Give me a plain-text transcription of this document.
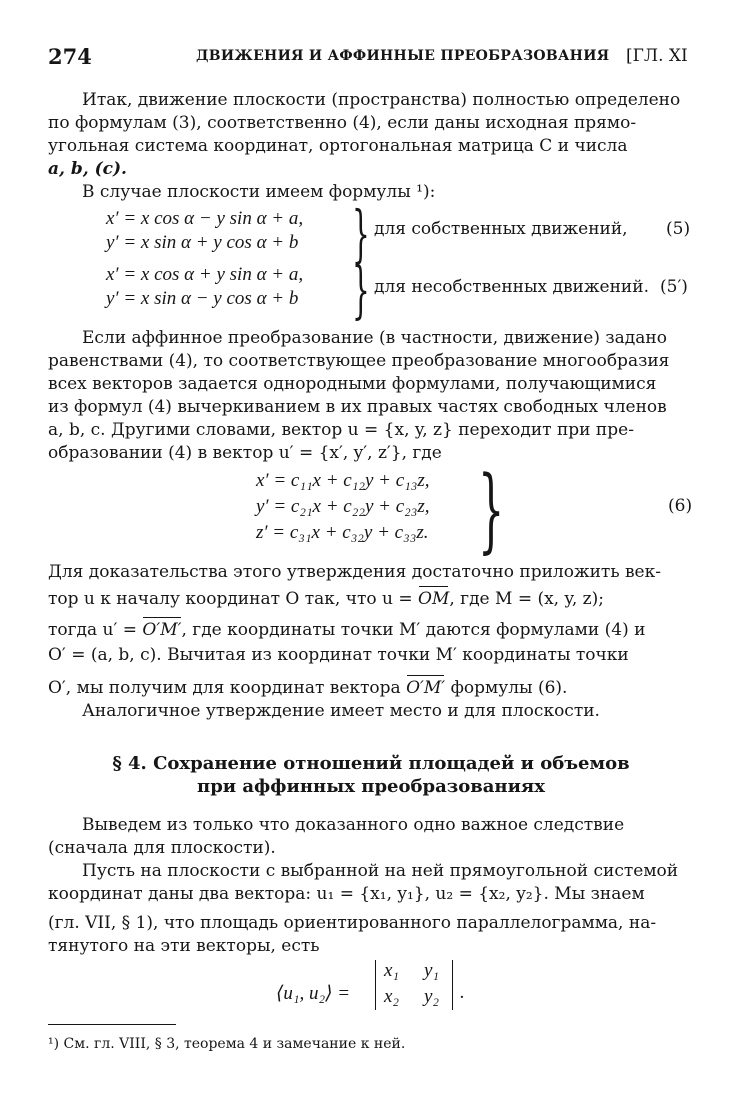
274	ДВИЖЕНИЯ И АФФИННЫЕ ПРЕОБРАЗОВАНИЯ [ГЛ. XI
Итак, движение плоскости (пространства) полностью определено
по формулам (3), соответственно (4), если даны исходная прямо-
угольная система координат, ортогональная матрица C и числа
a, b, (c).
В случае плоскости имеем формулы ¹):
x′ = x cos α − y sin α + a,
y′ = x sin α + y cos α + b } для собственных движений, (5)
x′ = x cos α + y sin α + a,
y′ = x sin α − y cos α + b } для несобственных движений. (5′)
Если аффинное преобразование (в частности, движение) задано
равенствами (4), то соответствующее преобразование многообразия
всех векторов задается однородными формулами, получающимися
из формул (4) вычеркиванием в их правых частях свободных членов
a, b, c. Другими словами, вектор u = {x, y, z} переходит при пре-
образовании (4) в вектор u′ = {x′, y′, z′}, где
x′ = c₁₁x + c₁₂y + c₁₃z,
y′ = c₂₁x + c₂₂y + c₂₃z,
z′ = c₃₁x + c₃₂y + c₃₃z. }	(6)
Для доказательства этого утверждения достаточно приложить век-
тор u к началу координат O так, что u = OM, где M = (x, y, z);
тогда u′ = O′M′, где координаты точки M′ даются формулами (4) и
O′ = (a, b, c). Вычитая из координат точки M′ координаты точки
O′, мы получим для координат вектора O′M′ формулы (6).
Аналогичное утверждение имеет место и для плоскости.
§ 4. Сохранение отношений площадей и объемов
при аффинных преобразованиях
Выведем из только что доказанного одно важное следствие
(сначала для плоскости).
Пусть на плоскости с выбранной на ней прямоугольной системой
координат даны два вектора: u₁ = {x₁, y₁}, u₂ = {x₂, y₂}. Мы знаем
(гл. VII, § 1), что площадь ориентированного параллелограмма, на-
тянутого на эти векторы, есть
⟨u₁, u₂⟩ =
x₁ y₁
x₂ y₂ .
¹) См. гл. VIII, § 3, теорема 4 и замечание к ней.
